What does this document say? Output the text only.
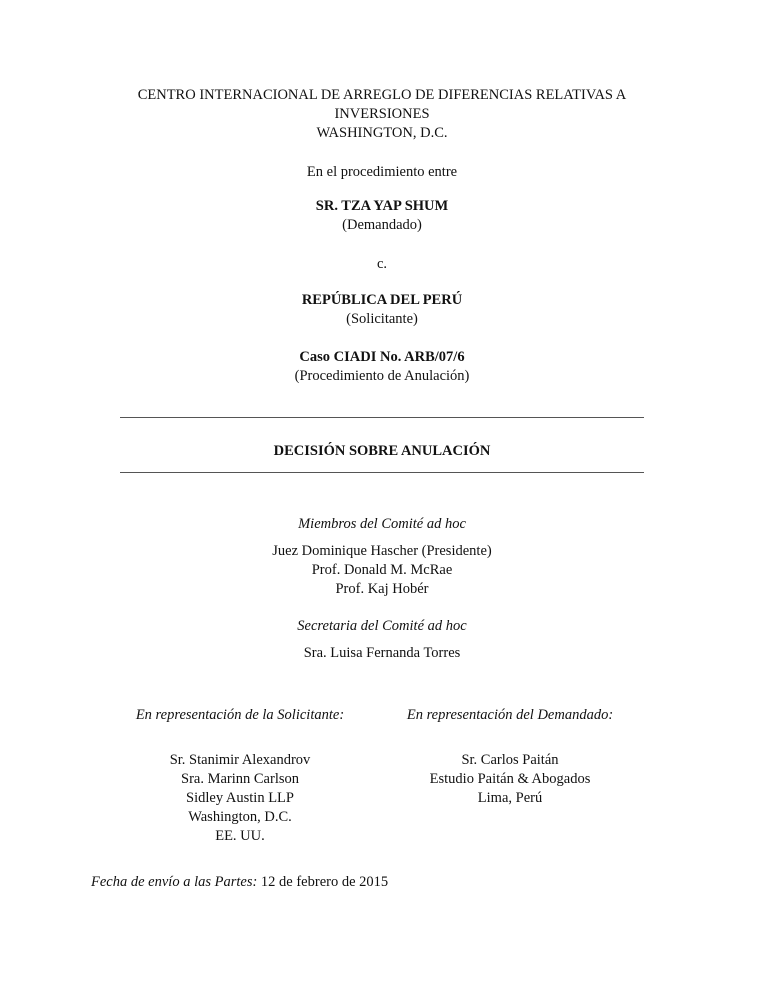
CENTRO INTERNACIONAL DE ARREGLO DE DIFERENCIAS RELATIVAS A
INVERSIONES
WASHINGTON, D.C.
En el procedimiento entre
SR. TZA YAP SHUM
(Demandado)
c.
REPÚBLICA DEL PERÚ
(Solicitante)
Caso CIADI No. ARB/07/6
(Procedimiento de Anulación)
DECISIÓN SOBRE ANULACIÓN
Miembros del Comité ad hoc
Juez Dominique Hascher (Presidente)
Prof. Donald M. McRae
Prof. Kaj Hobér
Secretaria del Comité ad hoc
Sra. Luisa Fernanda Torres
En representación de la Solicitante:
Sr. Stanimir Alexandrov
Sra. Marinn Carlson
Sidley Austin LLP
Washington, D.C.
EE. UU.
En representación del Demandado:
Sr. Carlos Paitán
Estudio Paitán & Abogados
Lima, Perú
Fecha de envío a las Partes: 12 de febrero de 2015
